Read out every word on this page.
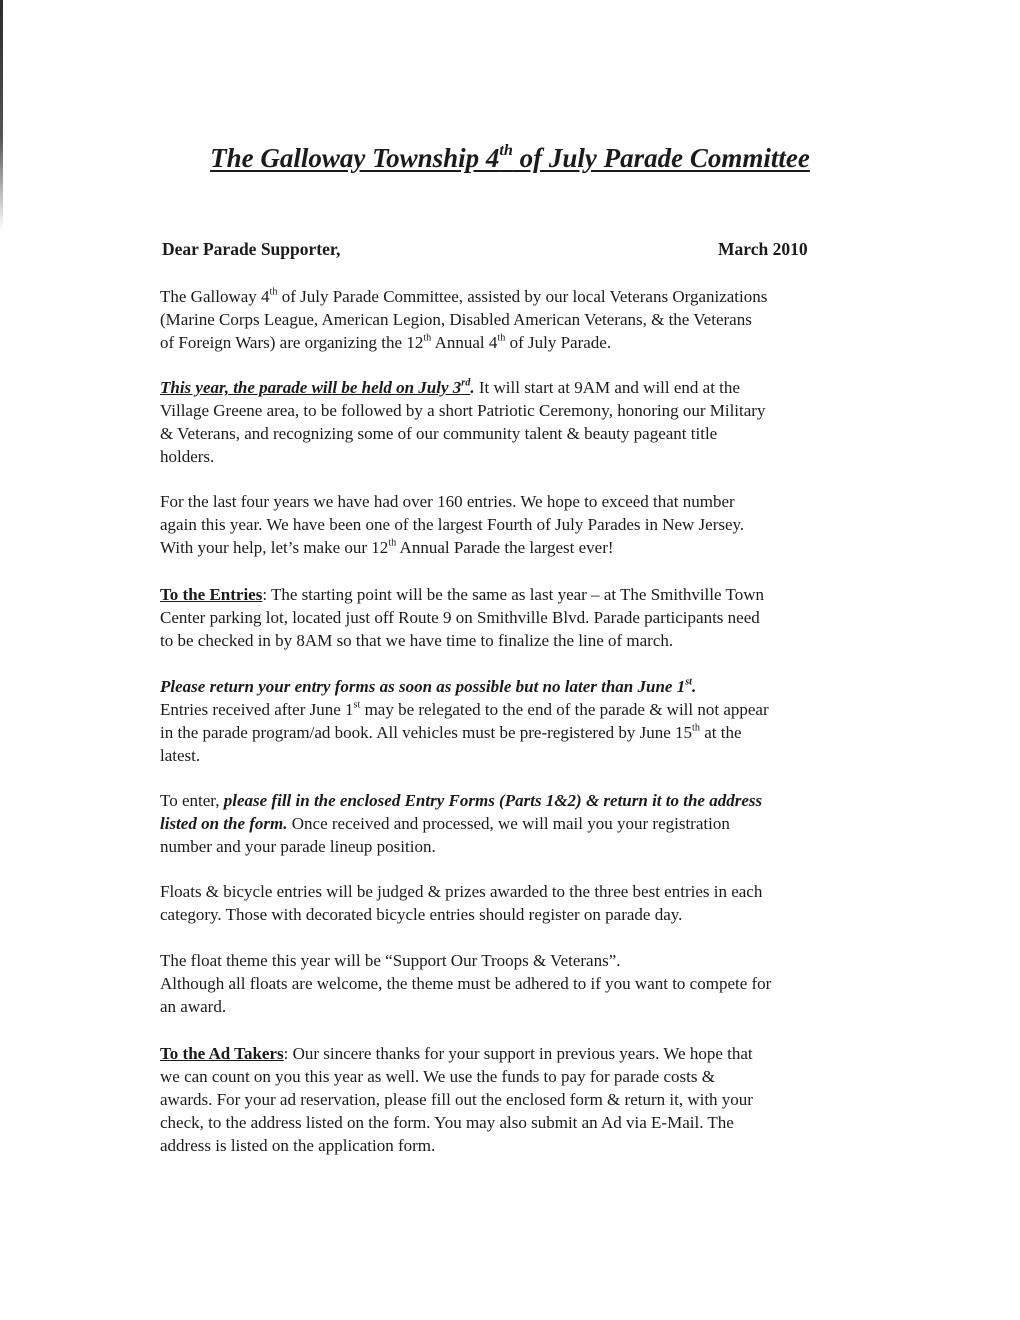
The Galloway Township 4th of July Parade Committee
Dear Parade Supporter,	March 2010
The Galloway 4th of July Parade Committee, assisted by our local Veterans Organizations
(Marine Corps League, American Legion, Disabled American Veterans, & the Veterans
of Foreign Wars) are organizing the 12th Annual 4th of July Parade.
This year, the parade will be held on July 3rd. It will start at 9AM and will end at the
Village Greene area, to be followed by a short Patriotic Ceremony, honoring our Military
& Veterans, and recognizing some of our community talent & beauty pageant title
holders.
For the last four years we have had over 160 entries. We hope to exceed that number
again this year. We have been one of the largest Fourth of July Parades in New Jersey.
With your help, let’s make our 12th Annual Parade the largest ever!
To the Entries: The starting point will be the same as last year – at The Smithville Town
Center parking lot, located just off Route 9 on Smithville Blvd. Parade participants need
to be checked in by 8AM so that we have time to finalize the line of march.
Please return your entry forms as soon as possible but no later than June 1st.
Entries received after June 1st may be relegated to the end of the parade & will not appear
in the parade program/ad book. All vehicles must be pre-registered by June 15th at the
latest.
To enter, please fill in the enclosed Entry Forms (Parts 1&2) & return it to the address
listed on the form. Once received and processed, we will mail you your registration
number and your parade lineup position.
Floats & bicycle entries will be judged & prizes awarded to the three best entries in each
category. Those with decorated bicycle entries should register on parade day.
The float theme this year will be “Support Our Troops & Veterans”.
Although all floats are welcome, the theme must be adhered to if you want to compete for
an award.
To the Ad Takers: Our sincere thanks for your support in previous years. We hope that
we can count on you this year as well. We use the funds to pay for parade costs &
awards. For your ad reservation, please fill out the enclosed form & return it, with your
check, to the address listed on the form. You may also submit an Ad via E-Mail. The
address is listed on the application form.
